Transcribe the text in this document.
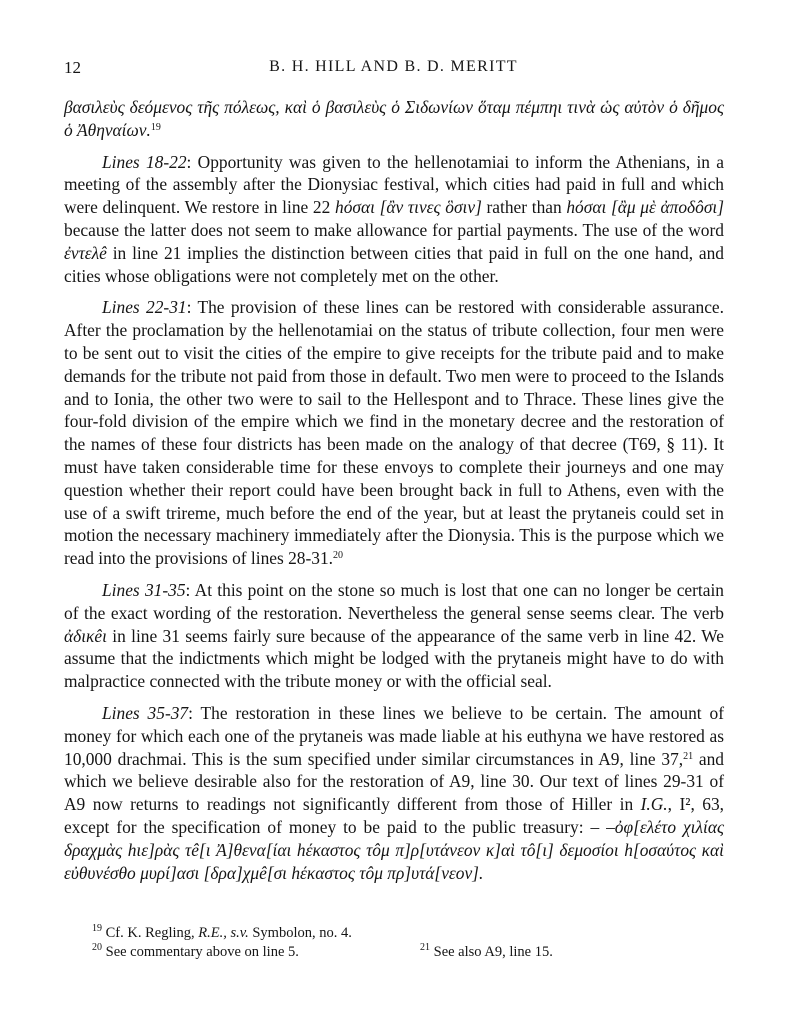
12	B. H. HILL AND B. D. MERITT

βασιλεὺς δεόμενος τῆς πόλεως, καὶ ὁ βασιλεὺς ὁ Σιδωνίων ὅταμ πέμπηι τινὰ ὡς αὐτὸν ὁ δῆμος ὁ Ἀθηναίων.$^{19}$

Lines 18-22: Opportunity was given to the hellenotamiai to inform the Athenians, in a meeting of the assembly after the Dionysiac festival, which cities had paid in full and which were delinquent. We restore in line 22 hόσαι [ἂν τινες ὃσιν] rather than hόσαι [ἂμ μὲ ἀποδôσι] because the latter does not seem to make allowance for partial payments. The use of the word ἐντελê in line 21 implies the distinction between cities that paid in full on the one hand, and cities whose obligations were not completely met on the other.

Lines 22-31: The provision of these lines can be restored with considerable assurance. After the proclamation by the hellenotamiai on the status of tribute collection, four men were to be sent out to visit the cities of the empire to give receipts for the tribute paid and to make demands for the tribute not paid from those in default. Two men were to proceed to the Islands and to Ionia, the other two were to sail to the Hellespont and to Thrace. These lines give the four-fold division of the empire which we find in the monetary decree and the restoration of the names of these four districts has been made on the analogy of that decree (T69, § 11). It must have taken considerable time for these envoys to complete their journeys and one may question whether their report could have been brought back in full to Athens, even with the use of a swift trireme, much before the end of the year, but at least the prytaneis could set in motion the necessary machinery immediately after the Dionysia. This is the purpose which we read into the provisions of lines 28-31.20

Lines 31-35: At this point on the stone so much is lost that one can no longer be certain of the exact wording of the restoration. Nevertheless the general sense seems clear. The verb ἀδικêι in line 31 seems fairly sure because of the appearance of the same verb in line 42. We assume that the indictments which might be lodged with the prytaneis might have to do with malpractice connected with the tribute money or with the official seal.

Lines 35-37: The restoration in these lines we believe to be certain. The amount of money for which each one of the prytaneis was made liable at his euthyna we have restored as 10,000 drachmai. This is the sum specified under similar circumstances in A9, line 37,21 and which we believe desirable also for the restoration of A9, line 30. Our text of lines 29-31 of A9 now returns to readings not significantly different from those of Hiller in I.G., I², 63, except for the specification of money to be paid to the public treasury: – –ὀφ[ελέτο χιλίας δραχμὰς hιε]ρὰς τê[ι Ἀ]θενα[ίαι hέκαστος τôμ π]ρ[υτάνεον κ]αὶ τô[ι] δεμοσίοι h[οσαύτος καὶ εὐθυνέσθο μυρί]ασι [δρα]χμê[σι hέκαστος τôμ πρ]υτά[νεον].

$^{19}$ Cf. K. Regling, R.E., s.v. Symbolon, no. 4.
$^{20}$ See commentary above on line 5.	$^{21}$ See also A9, line 15.
